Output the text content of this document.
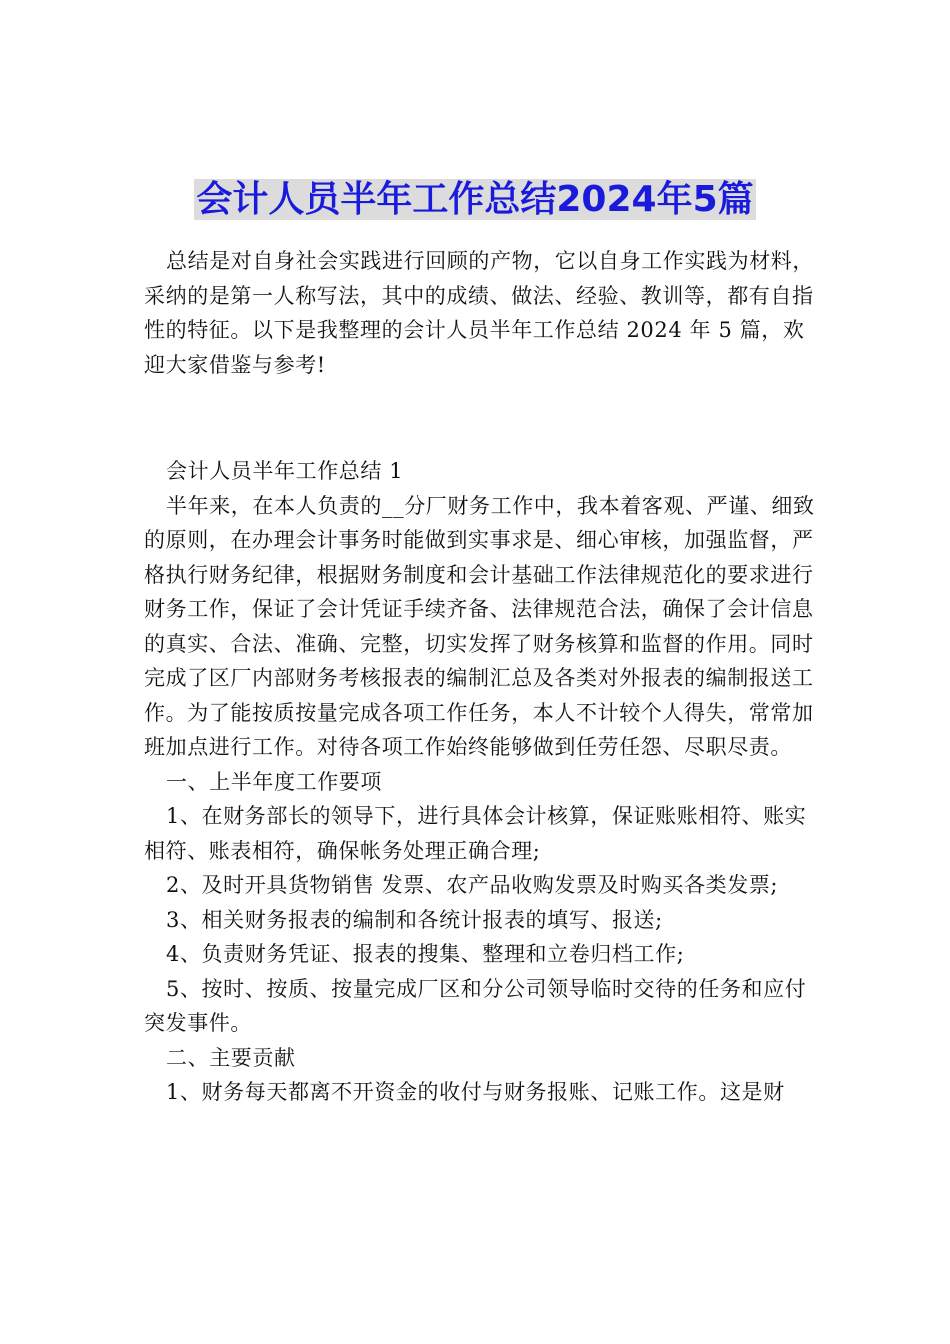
会计人员半年工作总结2024年5篇

总结是对自身社会实践进行回顾的产物，它以自身工作实践为材料，采纳的是第一人称写法，其中的成绩、做法、经验、教训等，都有自指性的特征。以下是我整理的会计人员半年工作总结 2024 年 5 篇，欢迎大家借鉴与参考!

会计人员半年工作总结 1

半年来，在本人负责的__分厂财务工作中，我本着客观、严谨、细致的原则，在办理会计事务时能做到实事求是、细心审核，加强监督，严格执行财务纪律，根据财务制度和会计基础工作法律规范化的要求进行财务工作，保证了会计凭证手续齐备、法律规范合法，确保了会计信息的真实、合法、准确、完整，切实发挥了财务核算和监督的作用。同时完成了区厂内部财务考核报表的编制汇总及各类对外报表的编制报送工作。为了能按质按量完成各项工作任务，本人不计较个人得失，常常加班加点进行工作。对待各项工作始终能够做到任劳任怨、尽职尽责。

一、上半年度工作要项

1、在财务部长的领导下，进行具体会计核算，保证账账相符、账实相符、账表相符，确保帐务处理正确合理;

2、及时开具货物销售 发票、农产品收购发票及时购买各类发票;

3、相关财务报表的编制和各统计报表的填写、报送;

4、负责财务凭证、报表的搜集、整理和立卷归档工作;

5、按时、按质、按量完成厂区和分公司领导临时交待的任务和应付突发事件。

二、主要贡献

1、财务每天都离不开资金的收付与财务报账、记账工作。这是财
